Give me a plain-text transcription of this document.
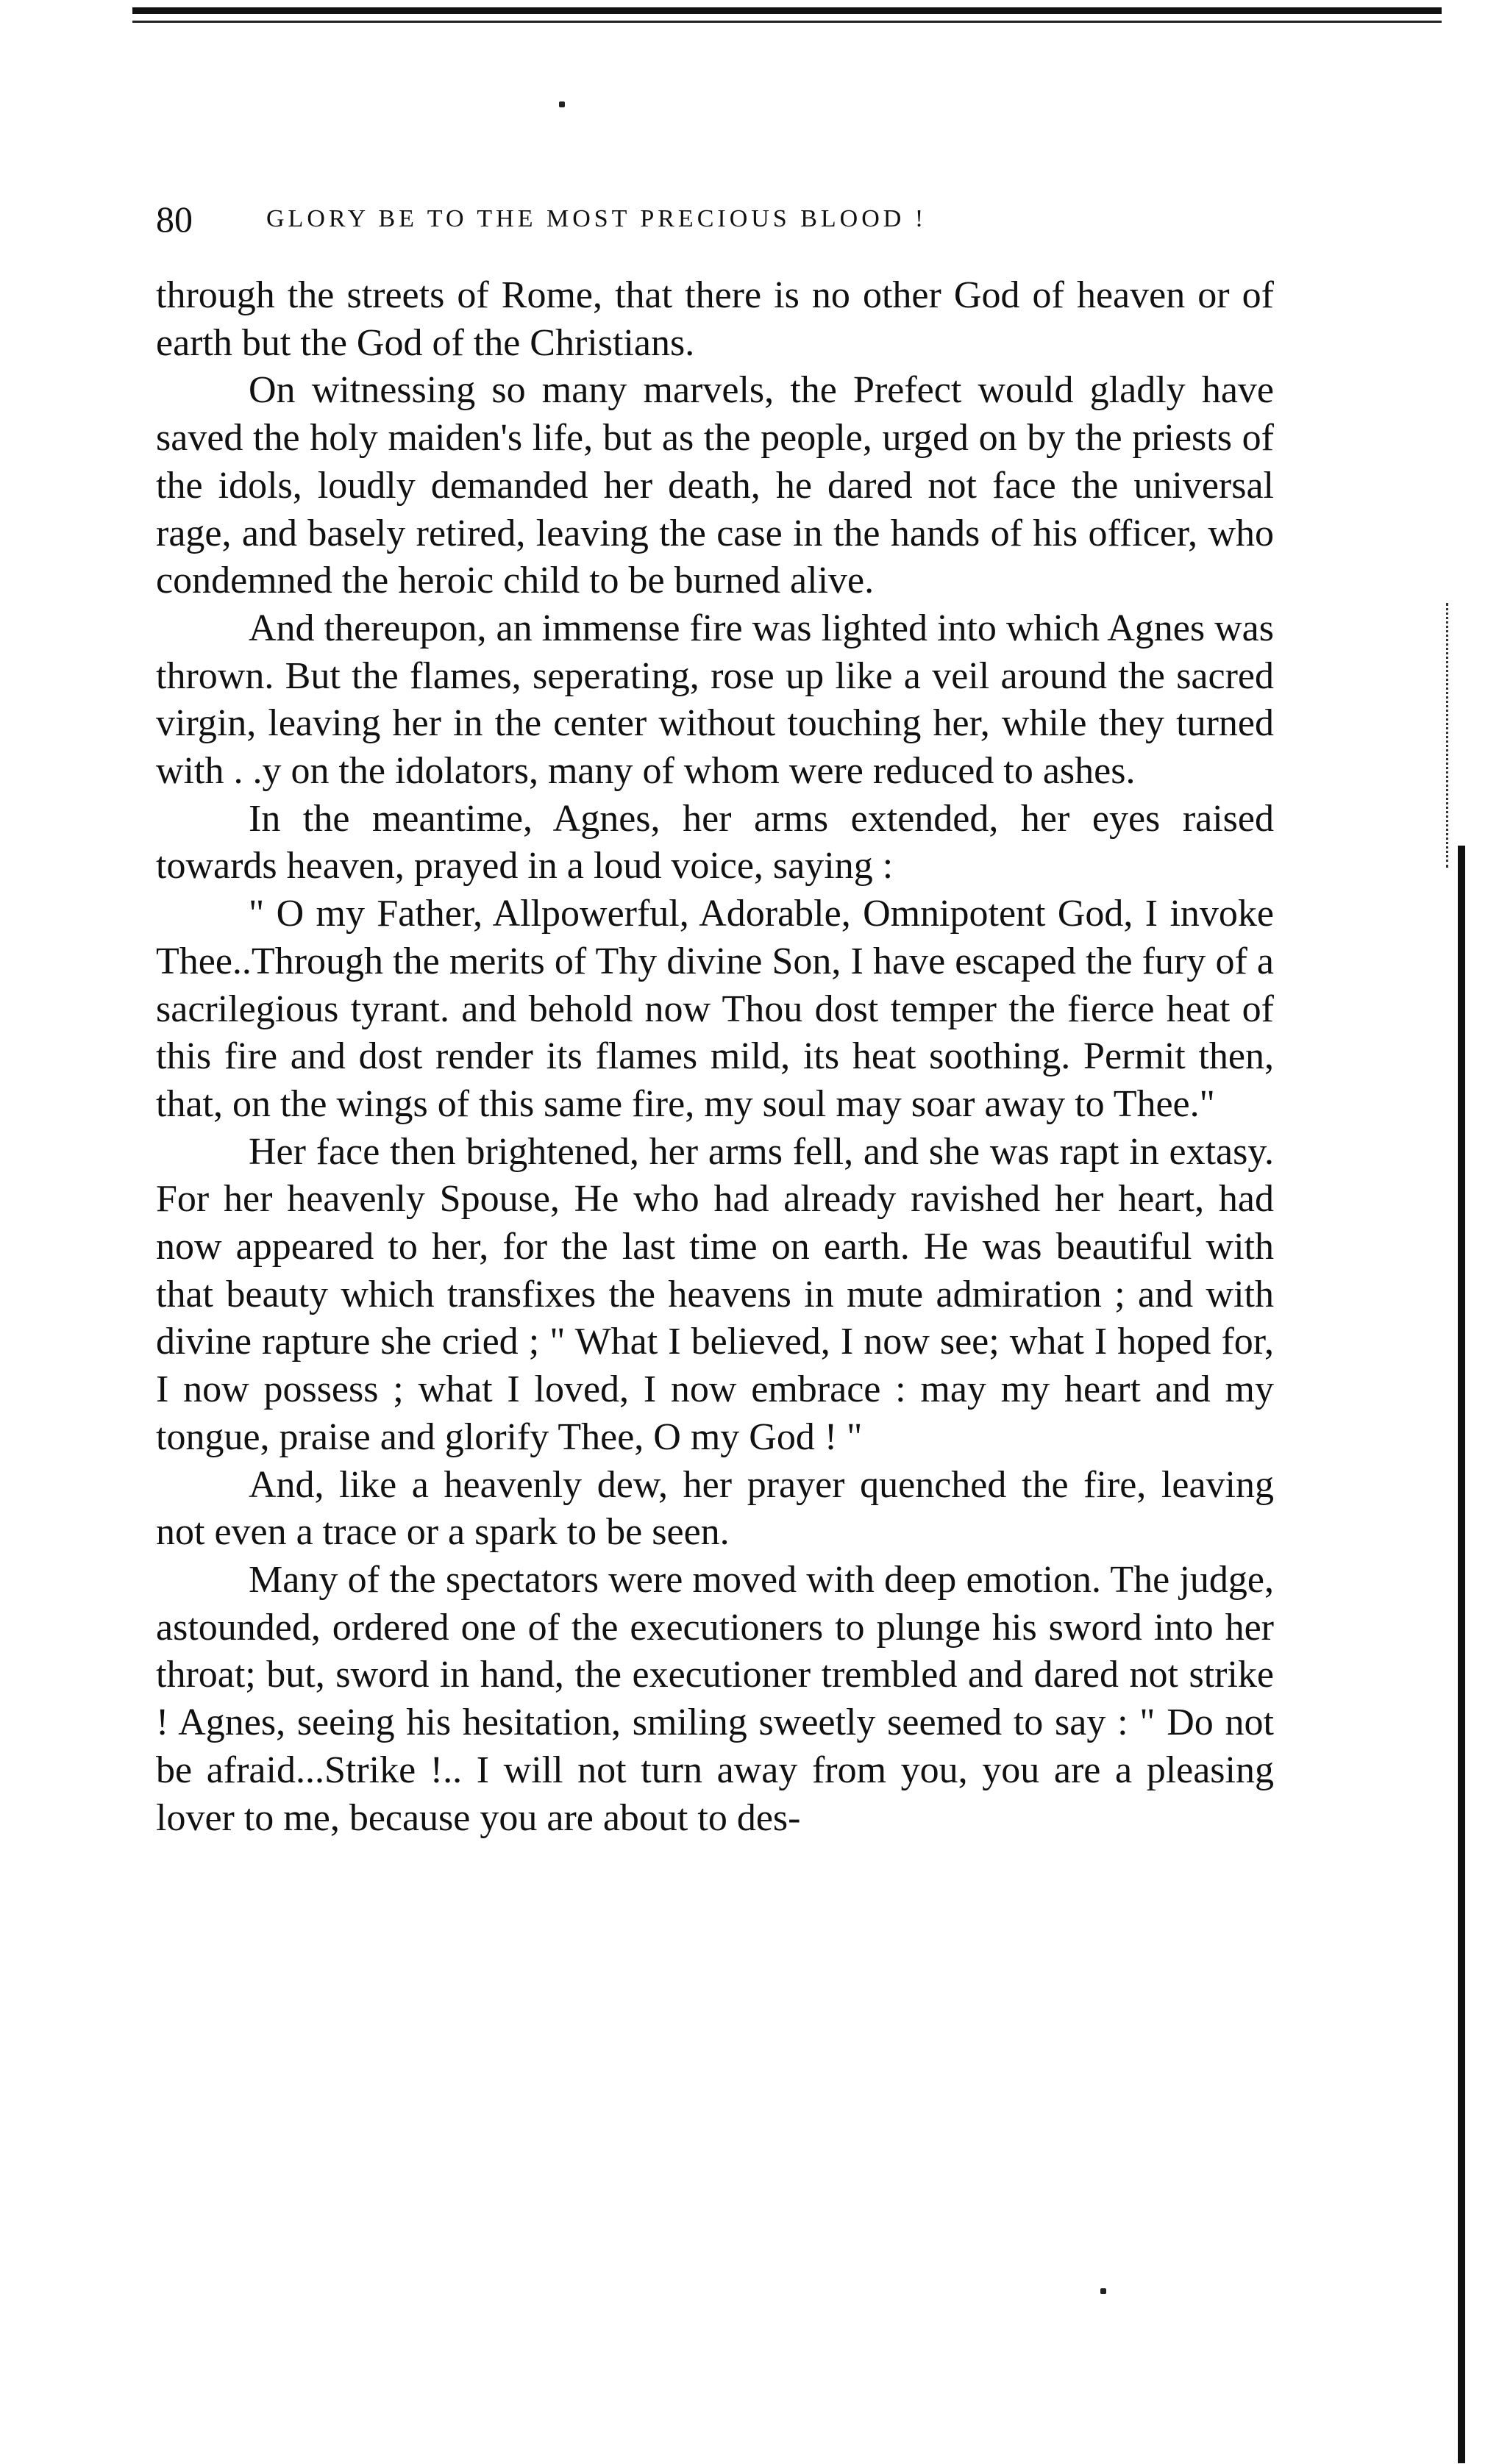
80	GLORY BE TO THE MOST PRECIOUS BLOOD !

through the streets of Rome, that there is no other God of heaven or of earth but the God of the Christians.

On witnessing so many marvels, the Prefect would gladly have saved the holy maiden's life, but as the people, urged on by the priests of the idols, loudly demanded her death, he dared not face the universal rage, and basely retired, leaving the case in the hands of his officer, who condemned the heroic child to be burned alive.

And thereupon, an immense fire was lighted into which Agnes was thrown. But the flames, seperating, rose up like a veil around the sacred virgin, leaving her in the center without touching her, while they turned with . .y on the idolators, many of whom were reduced to ashes.

In the meantime, Agnes, her arms extended, her eyes raised towards heaven, prayed in a loud voice, saying :

" O my Father, Allpowerful, Adorable, Omnipotent God, I invoke Thee..Through the merits of Thy divine Son, I have escaped the fury of a sacrilegious tyrant. and behold now Thou dost temper the fierce heat of this fire and dost render its flames mild, its heat soothing. Permit then, that, on the wings of this same fire, my soul may soar away to Thee."

Her face then brightened, her arms fell, and she was rapt in extasy. For her heavenly Spouse, He who had already ravished her heart, had now appeared to her, for the last time on earth. He was beautiful with that beauty which transfixes the heavens in mute admiration ; and with divine rapture she cried ; " What I believed, I now see; what I hoped for, I now possess ; what I loved, I now embrace : may my heart and my tongue, praise and glorify Thee, O my God ! "

And, like a heavenly dew, her prayer quenched the fire, leaving not even a trace or a spark to be seen.

Many of the spectators were moved with deep emotion. The judge, astounded, ordered one of the executioners to plunge his sword into her throat; but, sword in hand, the executioner trembled and dared not strike ! Agnes, seeing his hesitation, smiling sweetly seemed to say : " Do not be afraid...Strike !.. I will not turn away from you, you are a pleasing lover to me, because you are about to des-
